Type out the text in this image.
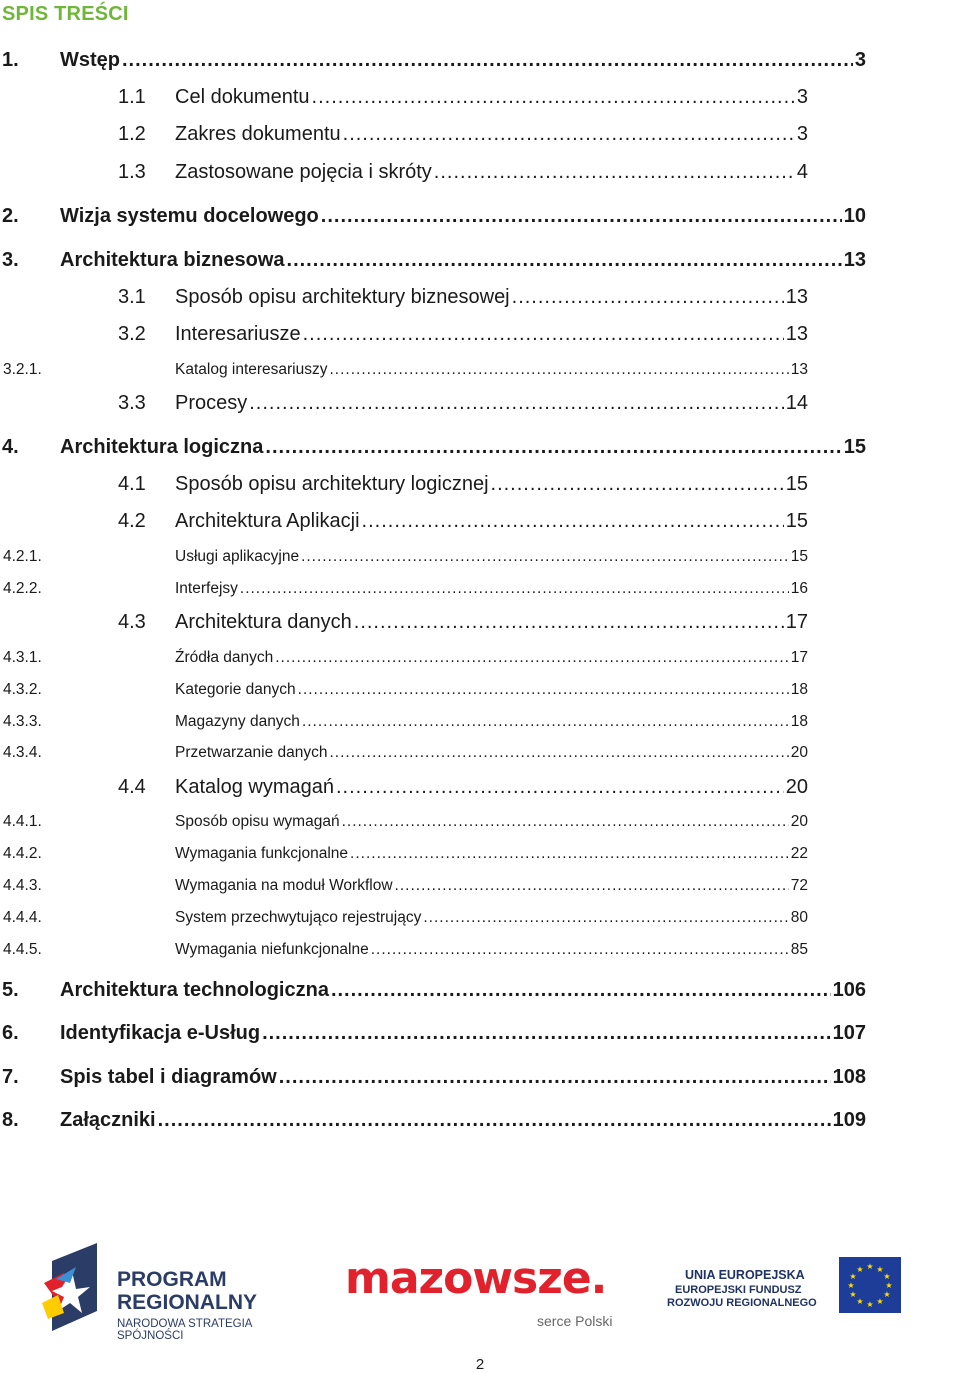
SPIS TREŚCI
1. Wstęp .....	3
1.1 Cel dokumentu .....	3
1.2 Zakres dokumentu .....	3
1.3 Zastosowane pojęcia i skróty .....	4
2. Wizja systemu docelowego .....	10
3. Architektura biznesowa .....	13
3.1 Sposób opisu architektury biznesowej .....	13
3.2 Interesariusze .....	13
3.2.1.	Katalog interesariuszy .....	13
3.3 Procesy .....	14
4. Architektura logiczna .....	15
4.1 Sposób opisu architektury logicznej .....	15
4.2 Architektura Aplikacji .....	15
4.2.1.	Usługi aplikacyjne .....	15
4.2.2.	Interfejsy .....	16
4.3 Architektura danych .....	17
4.3.1.	Źródła danych .....	17
4.3.2.	Kategorie danych .....	18
4.3.3.	Magazyny danych .....	18
4.3.4.	Przetwarzanie danych .....	20
4.4 Katalog wymagań .....	20
4.4.1.	Sposób opisu wymagań .....	20
4.4.2.	Wymagania funkcjonalne .....	22
4.4.3.	Wymagania na moduł Workflow .....	72
4.4.4.	System przechwytująco rejestrujący .....	80
4.4.5.	Wymagania niefunkcjonalne .....	85
5. Architektura technologiczna .....	106
6. Identyfikacja e-Usług .....	107
7. Spis tabel i diagramów .....	108
8. Załączniki .....	109
PROGRAM
REGIONALNY
NARODOWA STRATEGIA SPÓJNOŚCI
mazowsze.
serce Polski
UNIA EUROPEJSKA
EUROPEJSKI FUNDUSZ
ROZWOJU REGIONALNEGO
★ ★
★
★
★
★
★
★
★
★
★
★
2
